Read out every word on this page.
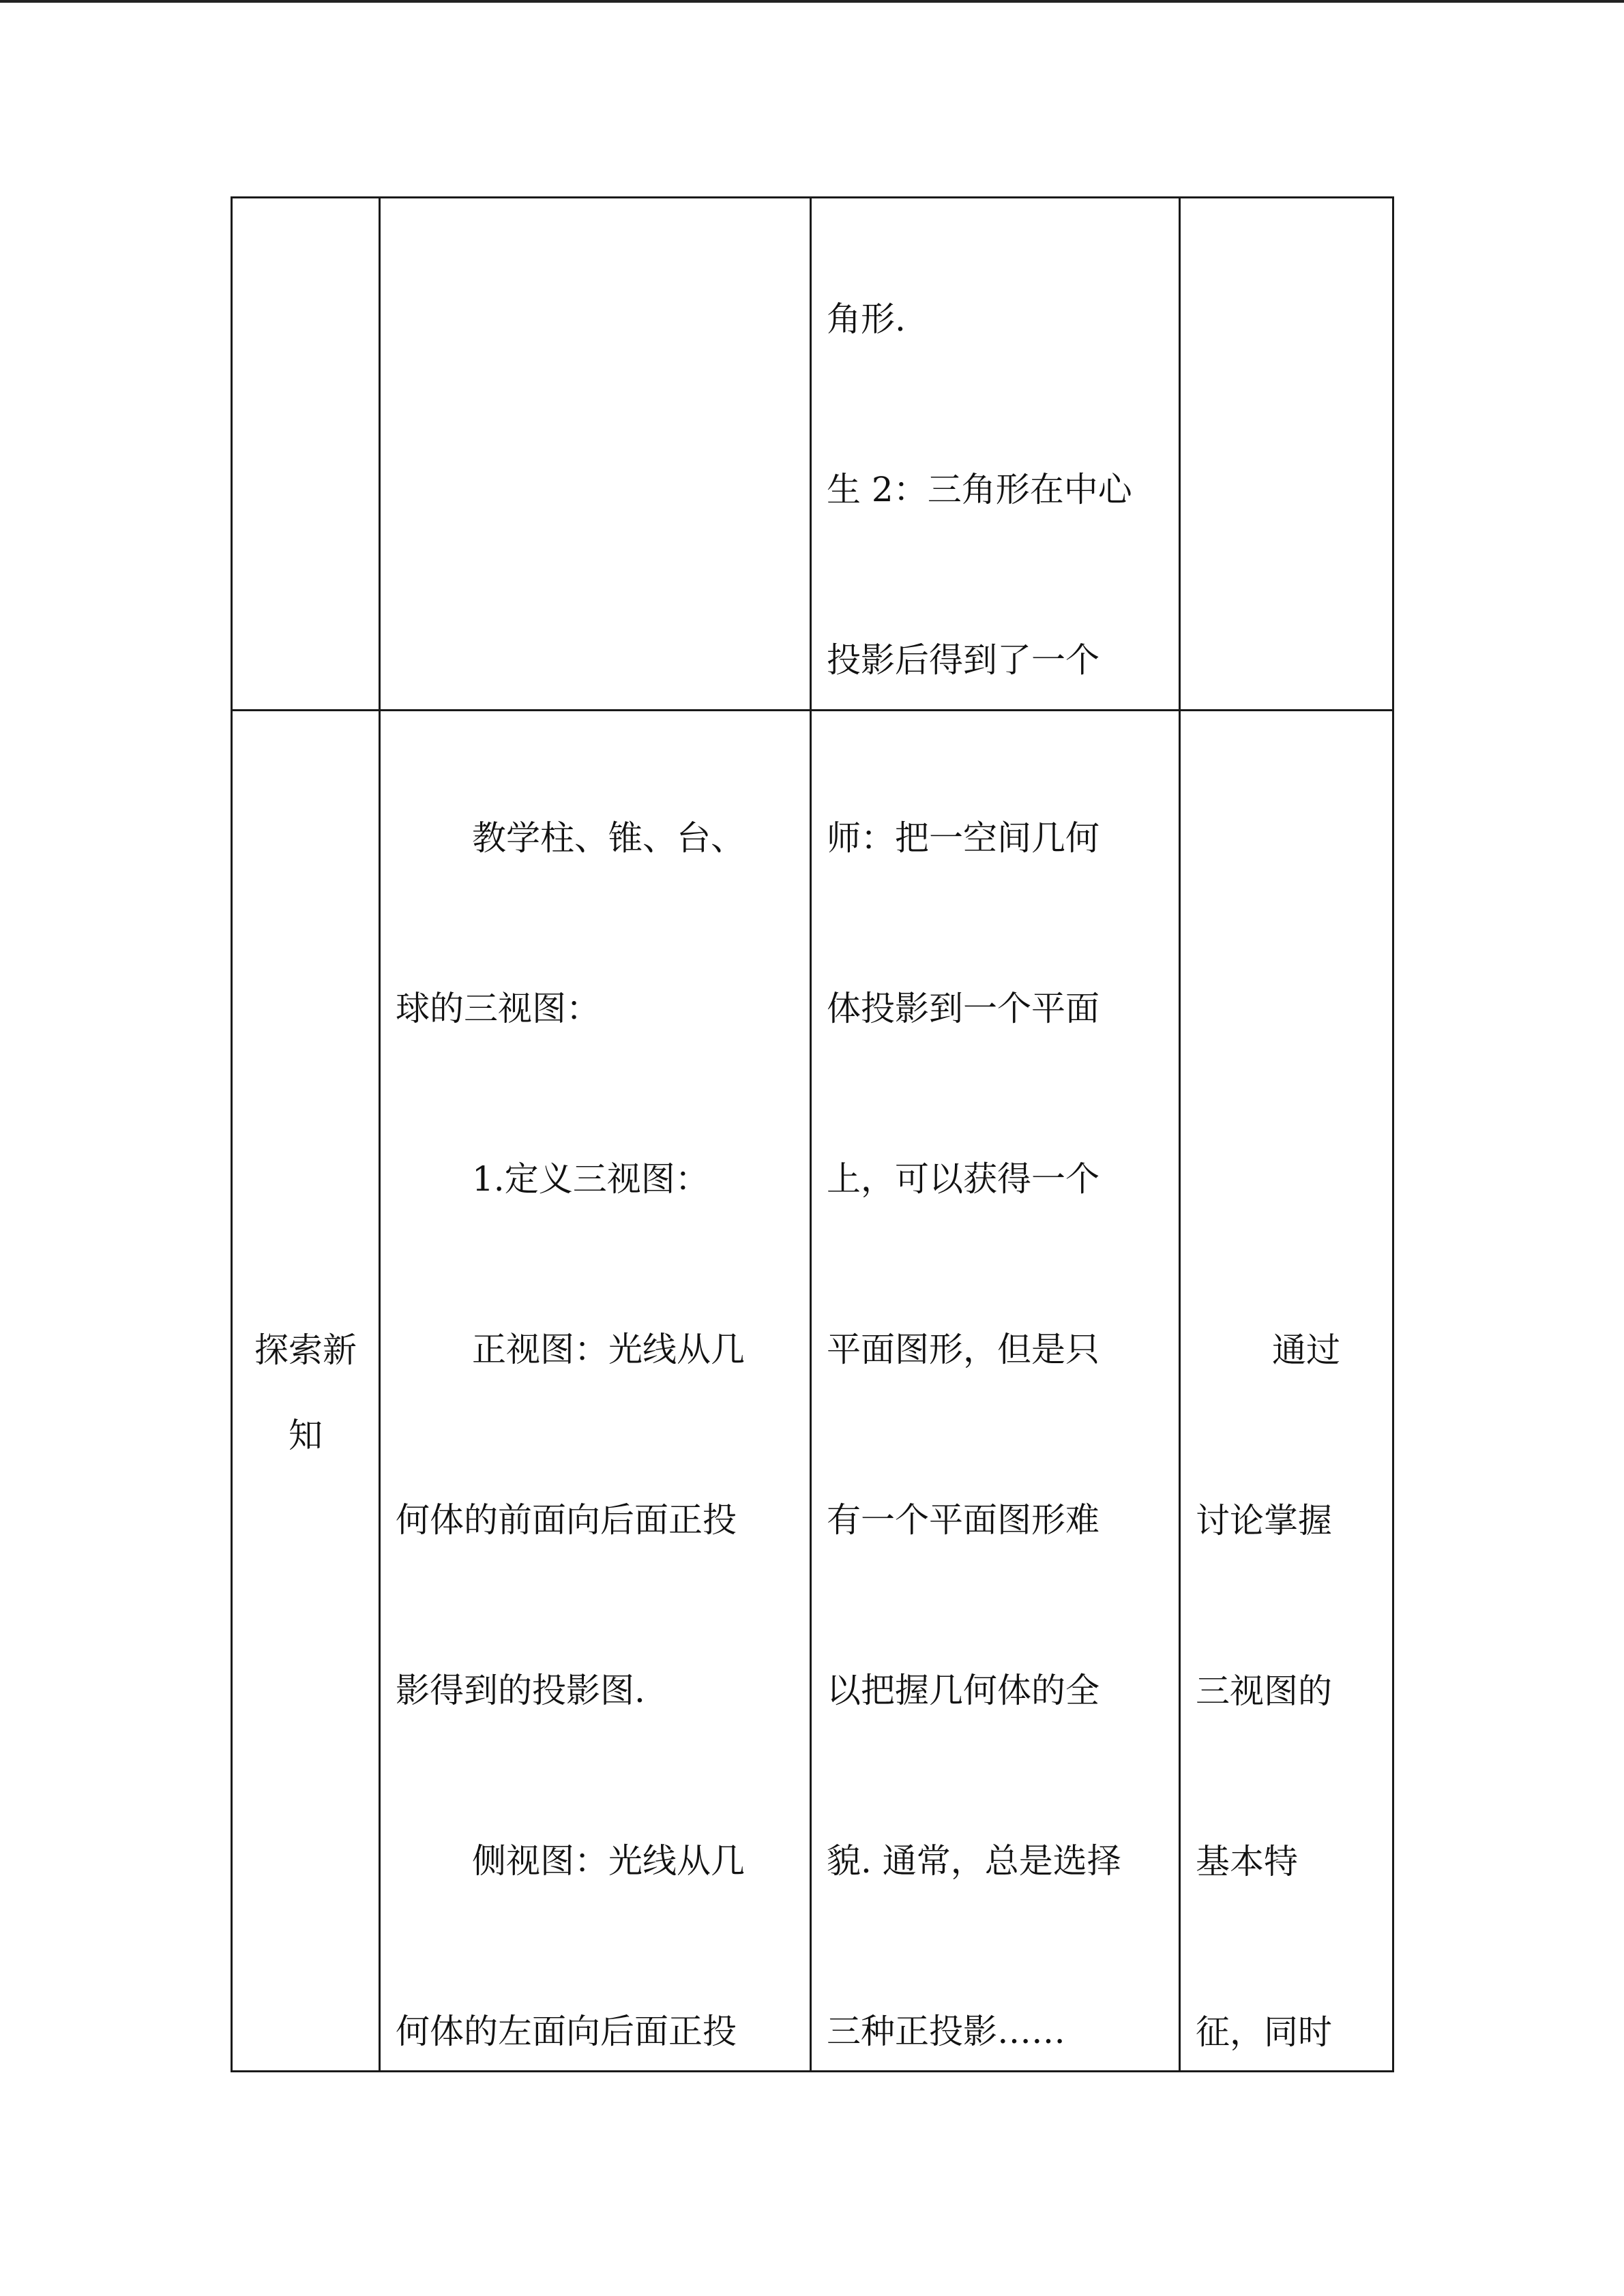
角形.

生 2：三角形在中心

投影后得到了一个

探索新
知

教学柱、锥、台、

球的三视图：

1.定义三视图：

正视图：光线从几

何体的前面向后面正投

影得到的投影图.

侧视图：光线从几

何体的左面向后面正投

师：把一空间几何

体投影到一个平面

上，可以获得一个

平面图形，但是只

有一个平面图形难

以把握几何体的全

貌. 通常，总是选择

三种正投影……

通过

讨论掌握

三视图的

基本特

征，同时
